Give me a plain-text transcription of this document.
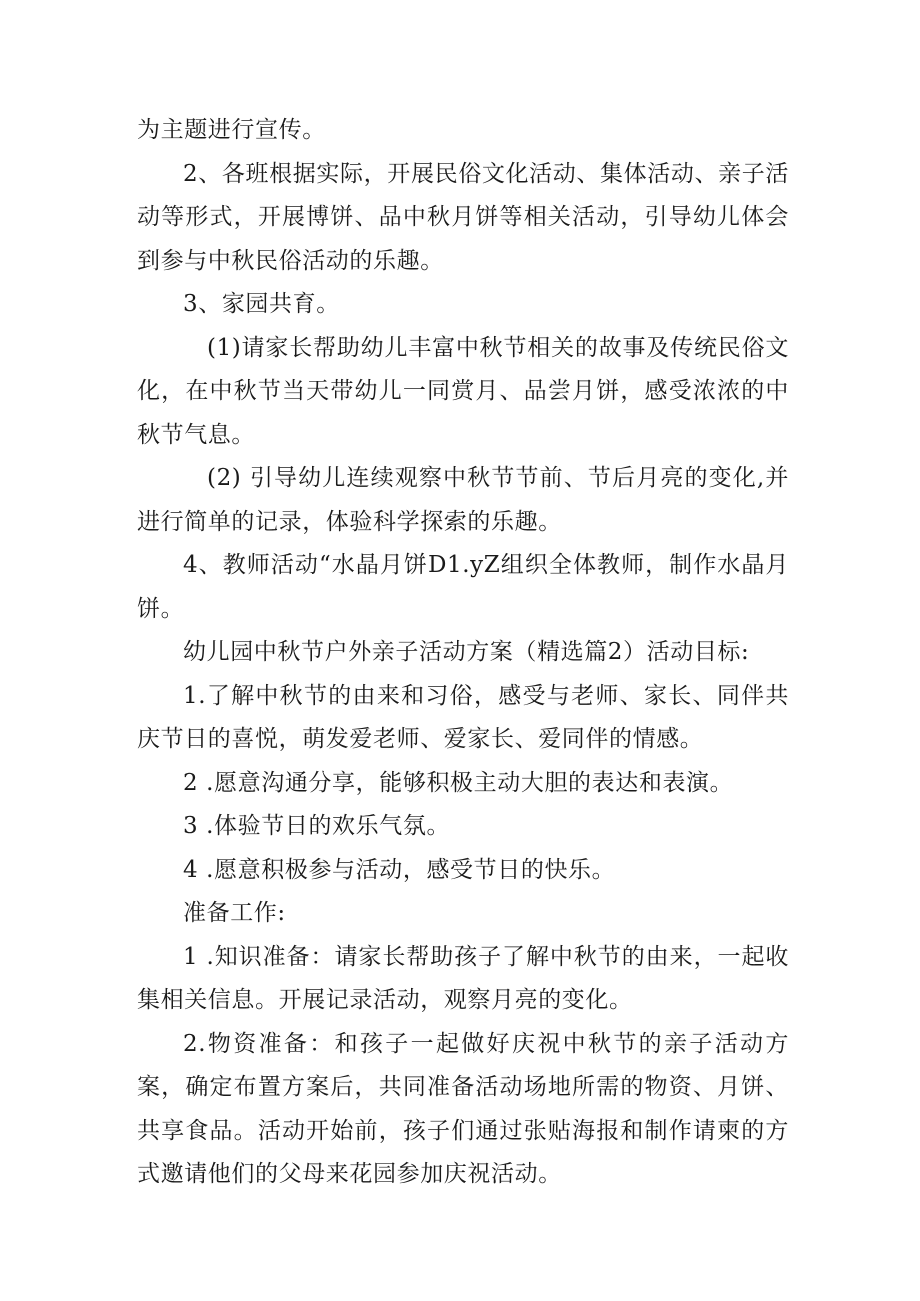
为主题进行宣传。

2、各班根据实际，开展民俗文化活动、集体活动、亲子活动等形式，开展博饼、品中秋月饼等相关活动，引导幼儿体会到参与中秋民俗活动的乐趣。

3、家园共育。

(1)请家长帮助幼儿丰富中秋节相关的故事及传统民俗文化，在中秋节当天带幼儿一同赏月、品尝月饼，感受浓浓的中秋节气息。

(2) 引导幼儿连续观察中秋节节前、节后月亮的变化,并进行简单的记录，体验科学探索的乐趣。

4、教师活动“水晶月饼D1.yZ组织全体教师，制作水晶月饼。

幼儿园中秋节户外亲子活动方案（精选篇2）活动目标:

1.了解中秋节的由来和习俗，感受与老师、家长、同伴共庆节日的喜悦，萌发爱老师、爱家长、爱同伴的情感。

2 .愿意沟通分享，能够积极主动大胆的表达和表演。

3 .体验节日的欢乐气氛。

4 .愿意积极参与活动，感受节日的快乐。

准备工作:

1 .知识准备：请家长帮助孩子了解中秋节的由来，一起收集相关信息。开展记录活动，观察月亮的变化。

2.物资准备：和孩子一起做好庆祝中秋节的亲子活动方案，确定布置方案后，共同准备活动场地所需的物资、月饼、共享食品。活动开始前，孩子们通过张贴海报和制作请柬的方式邀请他们的父母来花园参加庆祝活动。
